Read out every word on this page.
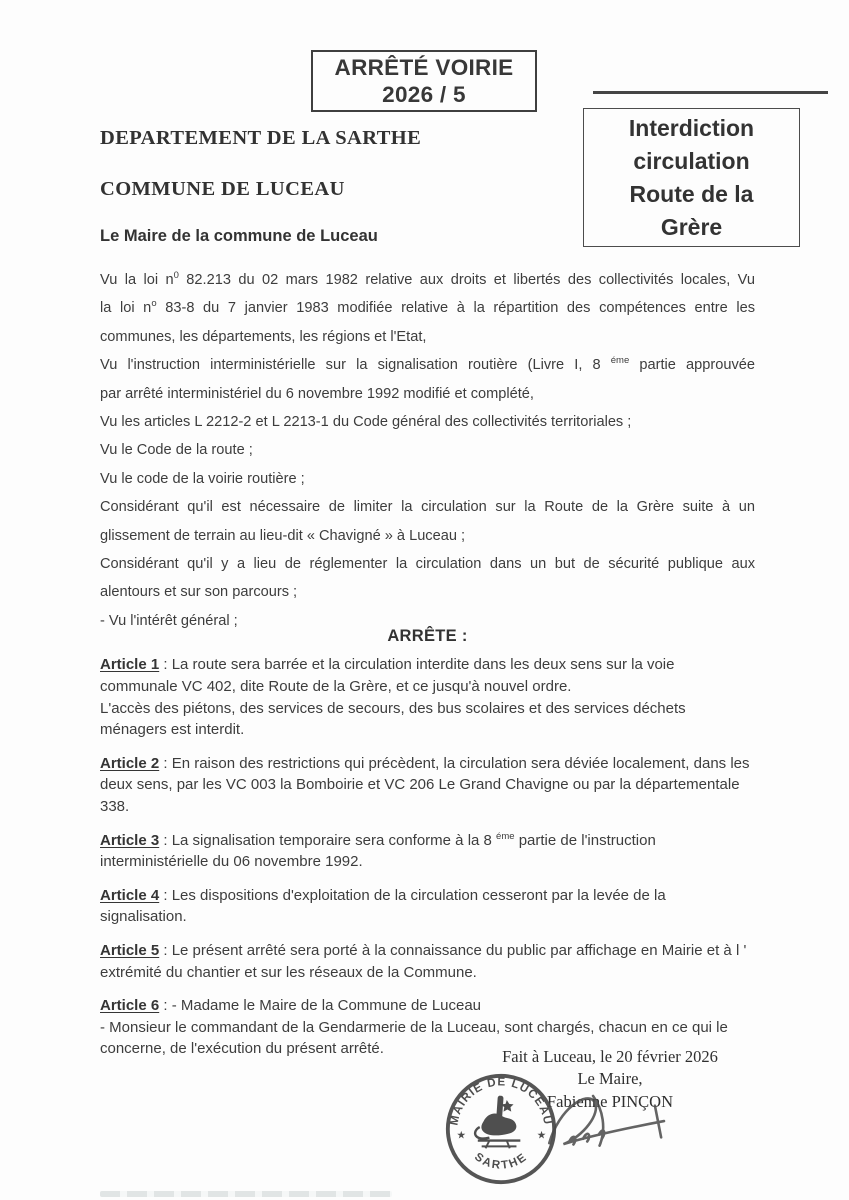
ARRÊTÉ VOIRIE
2026 / 5
DEPARTEMENT DE LA SARTHE
COMMUNE DE LUCEAU
Le Maire de la commune de Luceau
Interdiction
circulation
Route de la
Grère
Vu la loi $n^0$ 82.213 du 02 mars 1982 relative aux droits et libertés des collectivités locales, Vu
la loi $n^o$ 83-8 du 7 janvier 1983 modifiée relative à la répartition des compétences entre les
communes, les départements, les régions et l'Etat,
Vu l'instruction interministérielle sur la signalisation routière (Livre I, 8 $^{éme}$ partie approuvée
par arrêté interministériel du 6 novembre 1992 modifié et complété,
Vu les articles L 2212-2 et L 2213-1 du Code général des collectivités territoriales ;
Vu le Code de la route ;
Vu le code de la voirie routière ;
Considérant qu'il est nécessaire de limiter la circulation sur la Route de la Grère suite à un
glissement de terrain au lieu-dit « Chavigné » à Luceau ;
Considérant qu'il y a lieu de réglementer la circulation dans un but de sécurité publique aux
alentours et sur son parcours ;
- Vu l'intérêt général ;
ARRÊTE :

Article 1 : La route sera barrée et la circulation interdite dans les deux sens sur la voie
communale VC 402, dite Route de la Grère, et ce jusqu'à nouvel ordre.
L'accès des piétons, des services de secours, des bus scolaires et des services déchets
ménagers est interdit.

Article 2 : En raison des restrictions qui précèdent, la circulation sera déviée localement, dans les
deux sens, par les VC 003 la Bomboirie et VC 206 Le Grand Chavigne ou par la départementale
338.

Article 3 : La signalisation temporaire sera conforme à la 8 $^{éme}$ partie de l'instruction
interministérielle du 06 novembre 1992.

Article 4 : Les dispositions d'exploitation de la circulation cesseront par la levée de la
signalisation.

Article 5 : Le présent arrêté sera porté à la connaissance du public par affichage en Mairie et à l '
extrémité du chantier et sur les réseaux de la Commune.

Article 6 : - Madame le Maire de la Commune de Luceau
- Monsieur le commandant de la Gendarmerie de la Luceau, sont chargés, chacun en ce qui le
concerne, de l'exécution du présent arrêté.	Fait à Luceau, le 20 février 2026
Le Maire,
Fabienne PINÇON
MAIRIE DE LUCEAU
SARTHE
★	★
